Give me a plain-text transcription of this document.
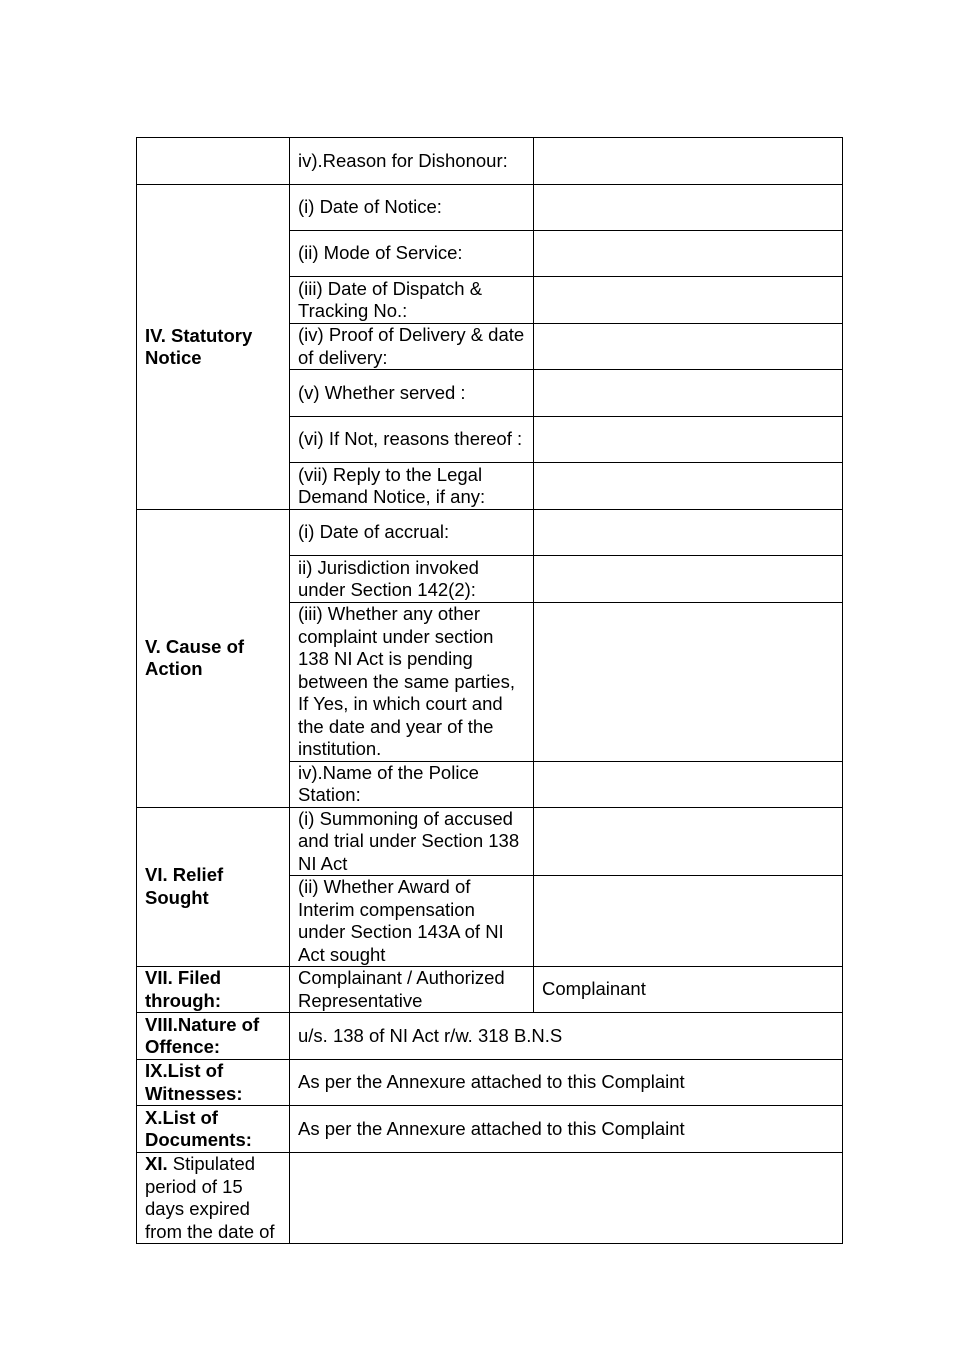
	iv).Reason for Dishonour:	
IV. Statutory Notice	(i) Date of Notice:	
	(ii) Mode of Service:	
	(iii) Date of Dispatch & Tracking No.:	
	(iv) Proof of Delivery & date of delivery:	
	(v) Whether served :	
	(vi) If Not, reasons thereof :	
	(vii) Reply to the Legal Demand Notice, if any:	
V. Cause of Action	(i) Date of accrual:	
	ii) Jurisdiction invoked under Section 142(2):	
	(iii) Whether any other complaint under section 138 NI Act is pending between the same parties, If Yes, in which court and the date and year of the institution.	
	iv).Name of the Police Station:	
VI. Relief Sought	(i) Summoning of accused and trial under Section 138 NI Act	
	(ii) Whether Award of Interim compensation under Section 143A of NI Act sought	
VII. Filed through:	Complainant / Authorized Representative	Complainant
VIII.Nature of Offence:	u/s. 138 of NI Act r/w. 318 B.N.S	
IX.List of Witnesses:	As per the Annexure attached to this Complaint	
X.List of Documents:	As per the Annexure attached to this Complaint	
XI. Stipulated period of 15 days expired from the date of		
